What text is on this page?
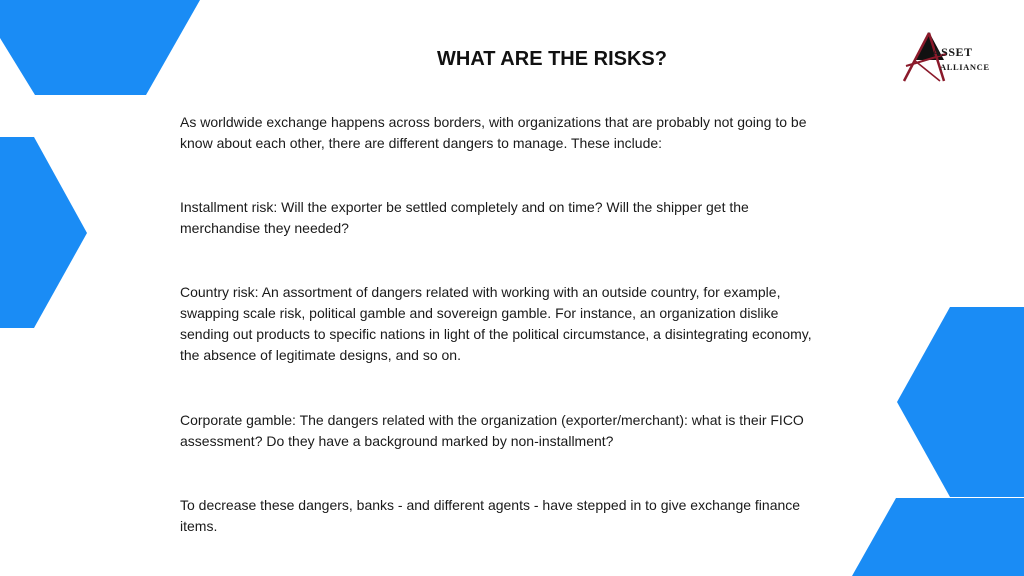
WHAT ARE THE RISKS?	ASSET
ALLIANCE

As worldwide exchange happens across borders, with organizations that are probably not going to be know about each other, there are different dangers to manage. These include:

Installment risk: Will the exporter be settled completely and on time? Will the shipper get the merchandise they needed?

Country risk: An assortment of dangers related with working with an outside country, for example, swapping scale risk, political gamble and sovereign gamble. For instance, an organization dislike sending out products to specific nations in light of the political circumstance, a disintegrating economy, the absence of legitimate designs, and so on.

Corporate gamble: The dangers related with the organization (exporter/merchant): what is their FICO assessment? Do they have a background marked by non-installment?

To decrease these dangers, banks - and different agents - have stepped in to give exchange finance items.
